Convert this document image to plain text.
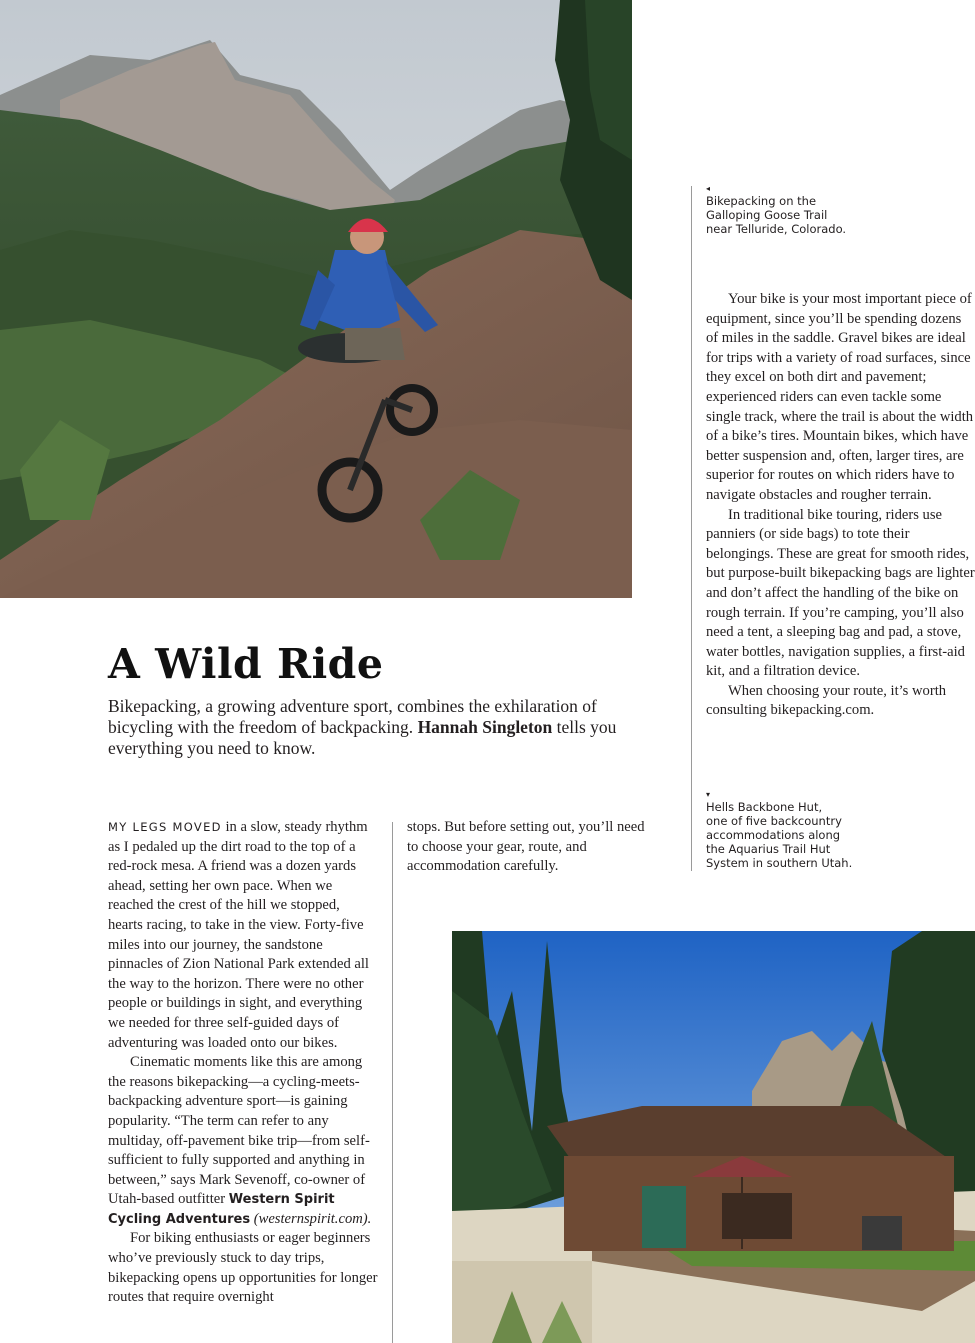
◂

Bikepacking on the

Galloping Goose Trail

near Telluride, Colorado.

Your bike is your most important piece of equipment, since you’ll be spending dozens of miles in the saddle. Gravel bikes are ideal for trips with a variety of road surfaces, since they excel on both dirt and pavement; experienced riders can even tackle some single track, where the trail is about the width of a bike’s tires. Mountain bikes, which have better suspension and, often, larger tires, are superior for routes on which riders have to navigate obstacles and rougher terrain.

In traditional bike touring, riders use panniers (or side bags) to tote their belongings. These are great for smooth rides, but purpose-built bikepacking bags are lighter and don’t affect the handling of the bike on rough terrain. If you’re camping, you’ll also need a tent, a sleeping bag and pad, a stove, water bottles, navigation supplies, a first-aid kit, and a filtration device.

When choosing your route, it’s worth consulting bikepacking.com.

▾

Hells Backbone Hut,

one of five backcountry

accommodations along

the Aquarius Trail Hut

System in southern Utah.

A Wild Ride

Bikepacking, a growing adventure sport, combines the exhilaration of bicycling with the freedom of backpacking. Hannah Singleton tells you everything you need to know.

MY LEGS MOVED in a slow, steady rhythm as I pedaled up the dirt road to the top of a red-rock mesa. A friend was a dozen yards ahead, setting her own pace. When we reached the crest of the hill we stopped, hearts racing, to take in the view. Forty-five miles into our journey, the sandstone pinnacles of Zion National Park extended all the way to the horizon. There were no other people or buildings in sight, and everything we needed for three self-guided days of adventuring was loaded onto our bikes.

Cinematic moments like this are among the reasons bikepacking—a cycling-meets-backpacking adventure sport—is gaining popularity. “The term can refer to any multiday, off-pavement bike trip—from self-sufficient to fully supported and anything in between,” says Mark Sevenoff, co-owner of Utah-based outfitter Western Spirit Cycling Adventures (westernspirit.com).

For biking enthusiasts or eager beginners who’ve previously stuck to day trips, bikepacking opens up opportunities for longer routes that require overnight

stops. But before setting out, you’ll need to choose your gear, route, and accommodation carefully.
